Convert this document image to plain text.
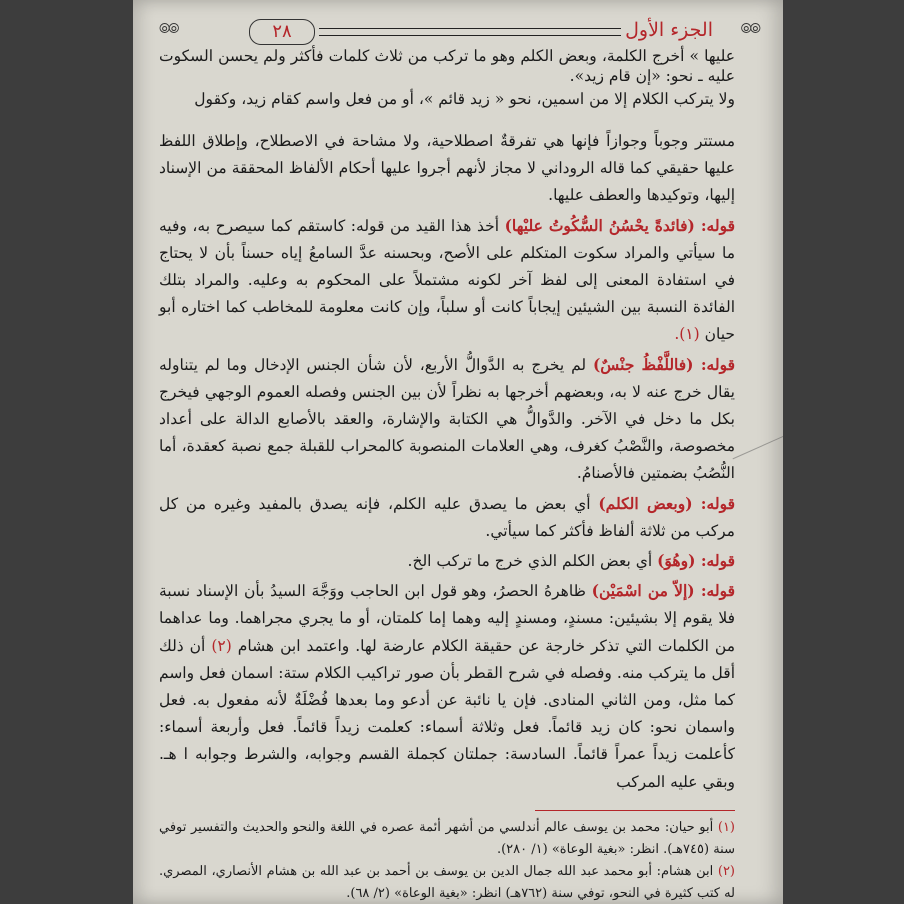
⦾⦾	٢٨	الجزء الأول ⦾⦾

عليها » أخرج الكلمة، وبعض الكلم وهو ما تركب من ثلاث كلمات فأكثر ولم يحسن السكوت عليه ـ نحو: «إن قام زيد».

ولا يتركب الكلام إلا من اسمين، نحو « زيد قائم »، أو من فعل واسم كقام زيد، وكقول

مستتر وجوباً وجوازاً فإنها هي تفرقةٌ اصطلاحية، ولا مشاحة في الاصطلاح، وإطلاق اللفظ عليها حقيقي كما قاله الروداني لا مجاز لأنهم أجروا عليها أحكام الألفاظ المحققة من الإسناد إليها، وتوكيدها والعطف عليها.

قوله: (فائدةً يحْسُنُ السُّكُوتُ عليْها) أخذ هذا القيد من قوله: كاستقم كما سيصرح به، وفيه ما سيأتي والمراد سكوت المتكلم على الأصح، وبحسنه عدَّ السامعُ إياه حسناً بأن لا يحتاج في استفادة المعنى إلى لفظ آخر لكونه مشتملاً على المحكوم به وعليه. والمراد بتلك الفائدة النسبة بين الشيئين إيجاباً كانت أو سلباً، وإن كانت معلومة للمخاطب كما اختاره أبو حيان (١).

قوله: (فاللَّفْظُ جنْسٌ) لم يخرج به الدَّوالُّ الأربع، لأن شأن الجنس الإدخال وما لم يتناوله يقال خرج عنه لا به، وبعضهم أخرجها به نظراً لأن بين الجنس وفصله العموم الوجهي فيخرج بكل ما دخل في الآخر. والدَّوالُّ هي الكتابة والإشارة، والعقد بالأصابع الدالة على أعداد مخصوصة، والنَّصْبُ كغرف، وهي العلامات المنصوبة كالمحراب للقبلة جمع نصبة كعقدة، أما النُّصُبُ بضمتين فالأصنامُ.

قوله: (وبعض الكلم) أي بعض ما يصدق عليه الكلم، فإنه يصدق بالمفيد وغيره من كل مركب من ثلاثة ألفاظ فأكثر كما سيأتي.

قوله: (وهُوَ) أي بعض الكلم الذي خرج ما تركب الخ.

قوله: (إلاّ من اسْمَيْن) ظاهرهُ الحصرُ، وهو قول ابن الحاجب ووَجَّهَ السيدُ بأن الإسناد نسبة فلا يقوم إلا بشيئين: مسندٍ، ومسندٍ إليه وهما إما كلمتان، أو ما يجري مجراهما. وما عداهما من الكلمات التي تذكر خارجة عن حقيقة الكلام عارضة لها. واعتمد ابن هشام (٢) أن ذلك أقل ما يتركب منه. وفصله في شرح القطر بأن صور تراكيب الكلام ستة: اسمان فعل واسم كما مثل، ومن الثاني المنادى. فإن يا نائبة عن أدعو وما بعدها فُضْلَةٌ لأنه مفعول به. فعل واسمان نحو: كان زيد قائماً. فعل وثلاثة أسماء: كعلمت زيداً قائماً. فعل وأربعة أسماء: كأعلمت زيداً عمراً قائماً. السادسة: جملتان كجملة القسم وجوابه، والشرط وجوابه ا هـ. وبقي عليه المركب

(١) أبو حيان: محمد بن يوسف عالم أندلسي من أشهر أئمة عصره في اللغة والنحو والحديث والتفسير توفي سنة (٧٤٥هـ). انظر: «بغية الوعاة» (١/ ٢٨٠).

(٢) ابن هشام: أبو محمد عبد الله جمال الدين بن يوسف بن أحمد بن عبد الله بن هشام الأنصاري، المصري. له كتب كثيرة في النحو، توفي سنة (٧٦٢هـ) انظر: «بغية الوعاة» (٢/ ٦٨).
